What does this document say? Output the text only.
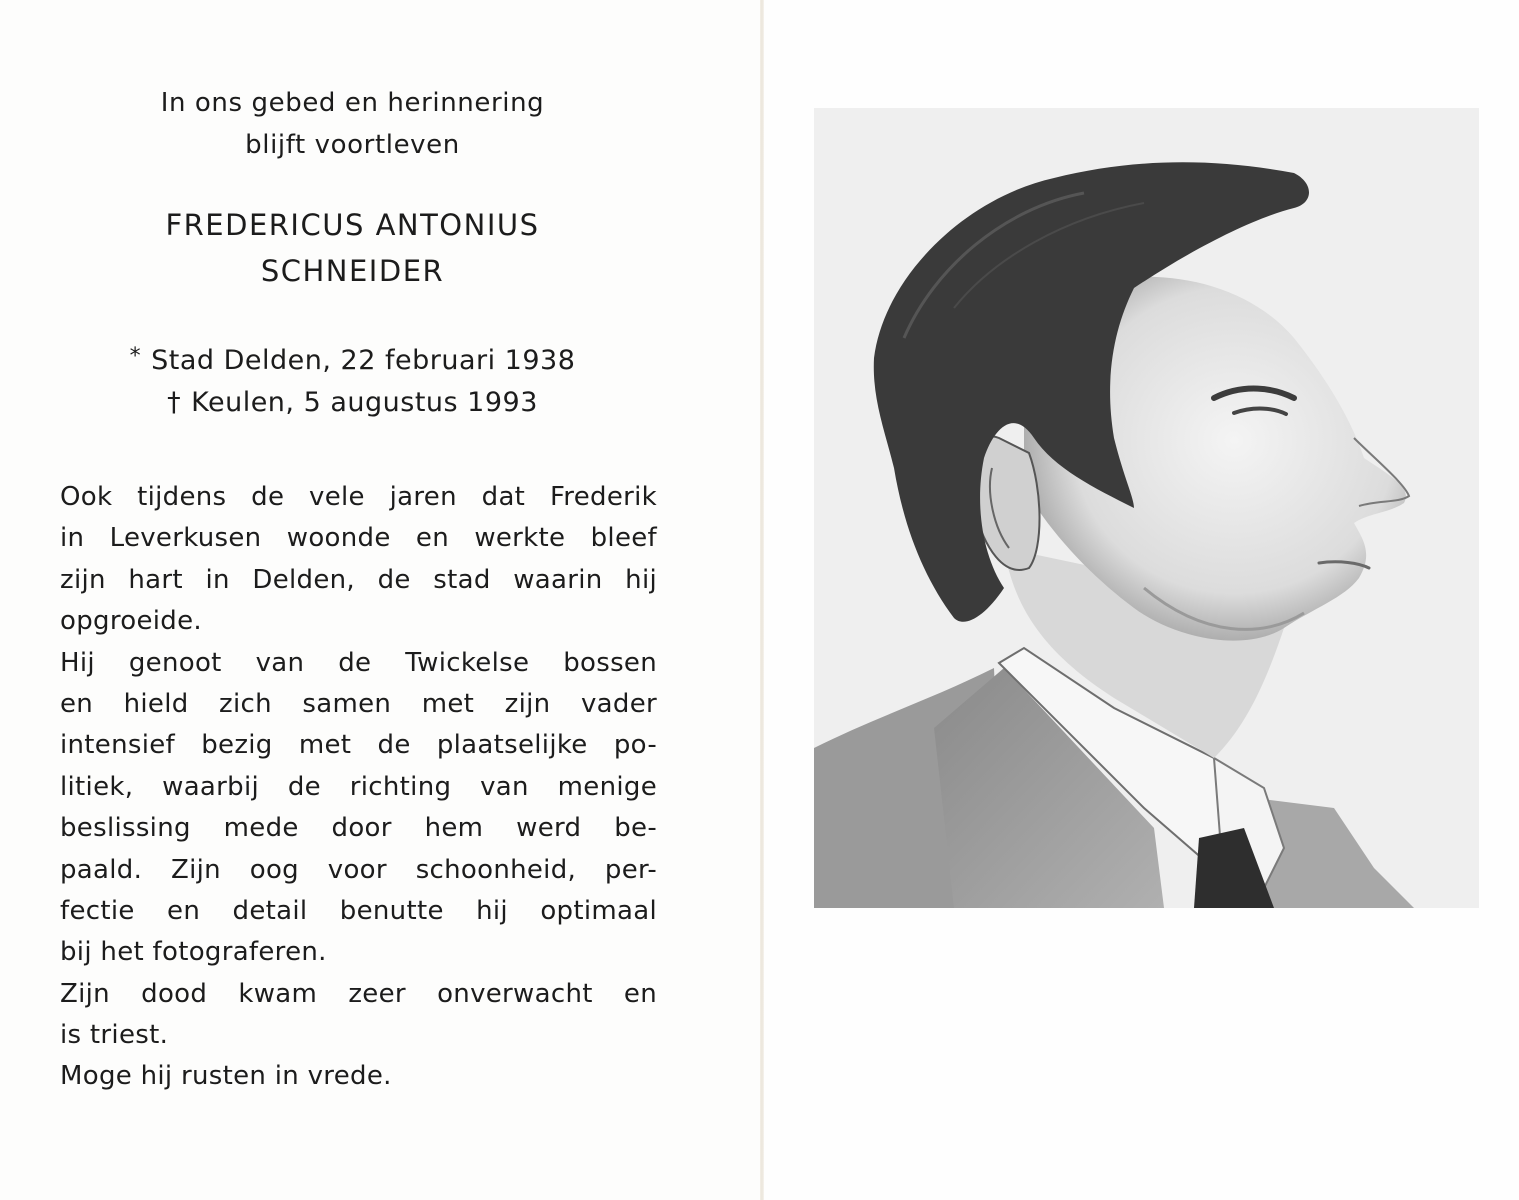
In ons gebed en herinnering
blijft voortleven
FREDERICUS ANTONIUS
SCHNEIDER
* Stad Delden, 22 februari 1938
† Keulen, 5 augustus 1993
Ook tijdens de vele jaren dat Frederik
in Leverkusen woonde en werkte bleef
zijn hart in Delden, de stad waarin hij
opgroeide.
Hij genoot van de Twickelse bossen
en hield zich samen met zijn vader
intensief bezig met de plaatselijke po-
litiek, waarbij de richting van menige
beslissing mede door hem werd be-
paald. Zijn oog voor schoonheid, per-
fectie en detail benutte hij optimaal
bij het fotograferen.
Zijn dood kwam zeer onverwacht en
is triest.
Moge hij rusten in vrede.
